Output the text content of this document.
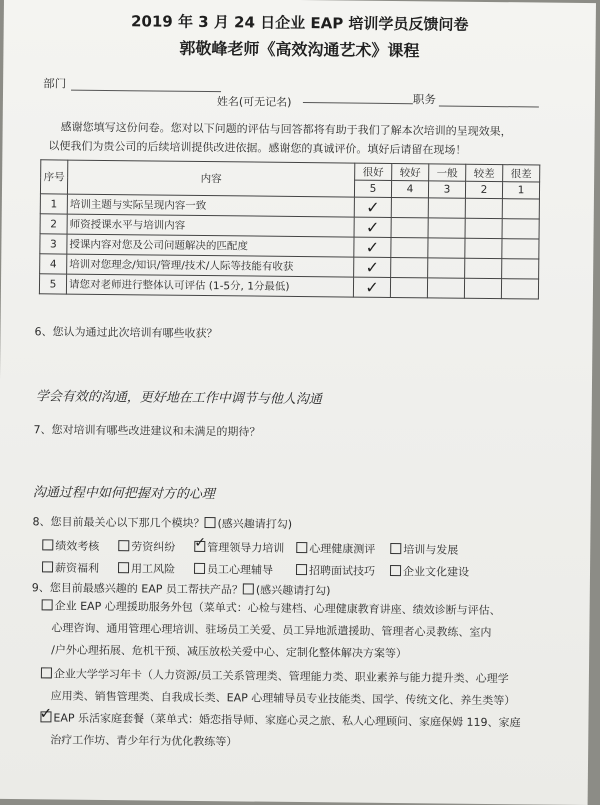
2019 年 3 月 24 日企业 EAP 培训学员反馈问卷
郭敬峰老师《高效沟通艺术》课程
部门
姓名(可无记名)	职务
感谢您填写这份问卷。您对以下问题的评估与回答都将有助于我们了解本次培训的呈现效果，
以便我们为贵公司的后续培训提供改进依据。感谢您的真诚评价。填好后请留在现场！
序号	内容	很好	较好	一般	较差	很差
		5	4	3	2	1
1	培训主题与实际呈现内容一致	✓				
2	师资授课水平与培训内容	✓				
3	授课内容对您及公司问题解决的匹配度	✓				
4	培训对您理念/知识/管理/技术/人际等技能有收获	✓				
5	请您对老师进行整体认可评估 (1-5分, 1分最低)	✓				
6、您认为通过此次培训有哪些收获？
学会有效的沟通，更好地在工作中调节与他人沟通
7、您对培训有哪些改进建议和未满足的期待？
沟通过程中如何把握对方的心理
8、您目前最关心以下那几个模块？ (感兴趣请打勾)
绩效考核	劳资纠纷 ✓ 管理领导力培训	心理健康测评	培训与发展
薪资福利	用工风险	员工心理辅导	招聘面试技巧	企业文化建设
9、您目前最感兴趣的 EAP 员工帮扶产品？ (感兴趣请打勾)
企业 EAP 心理援助服务外包（菜单式：心检与建档、心理健康教育讲座、绩效诊断与评估、
心理咨询、通用管理心理培训、驻场员工关爱、员工异地派遣援助、管理者心灵教练、室内
/户外心理拓展、危机干预、减压放松关爱中心、定制化整体解决方案等）
企业大学学习年卡（人力资源/员工关系管理类、管理能力类、职业素养与能力提升类、心理学
应用类、销售管理类、自我成长类、EAP 心理辅导员专业技能类、国学、传统文化、养生类等）
✓ EAP 乐活家庭套餐（菜单式：婚恋指导师、家庭心灵之旅、私人心理顾问、家庭保姆 119、家庭
治疗工作坊、青少年行为优化教练等）
